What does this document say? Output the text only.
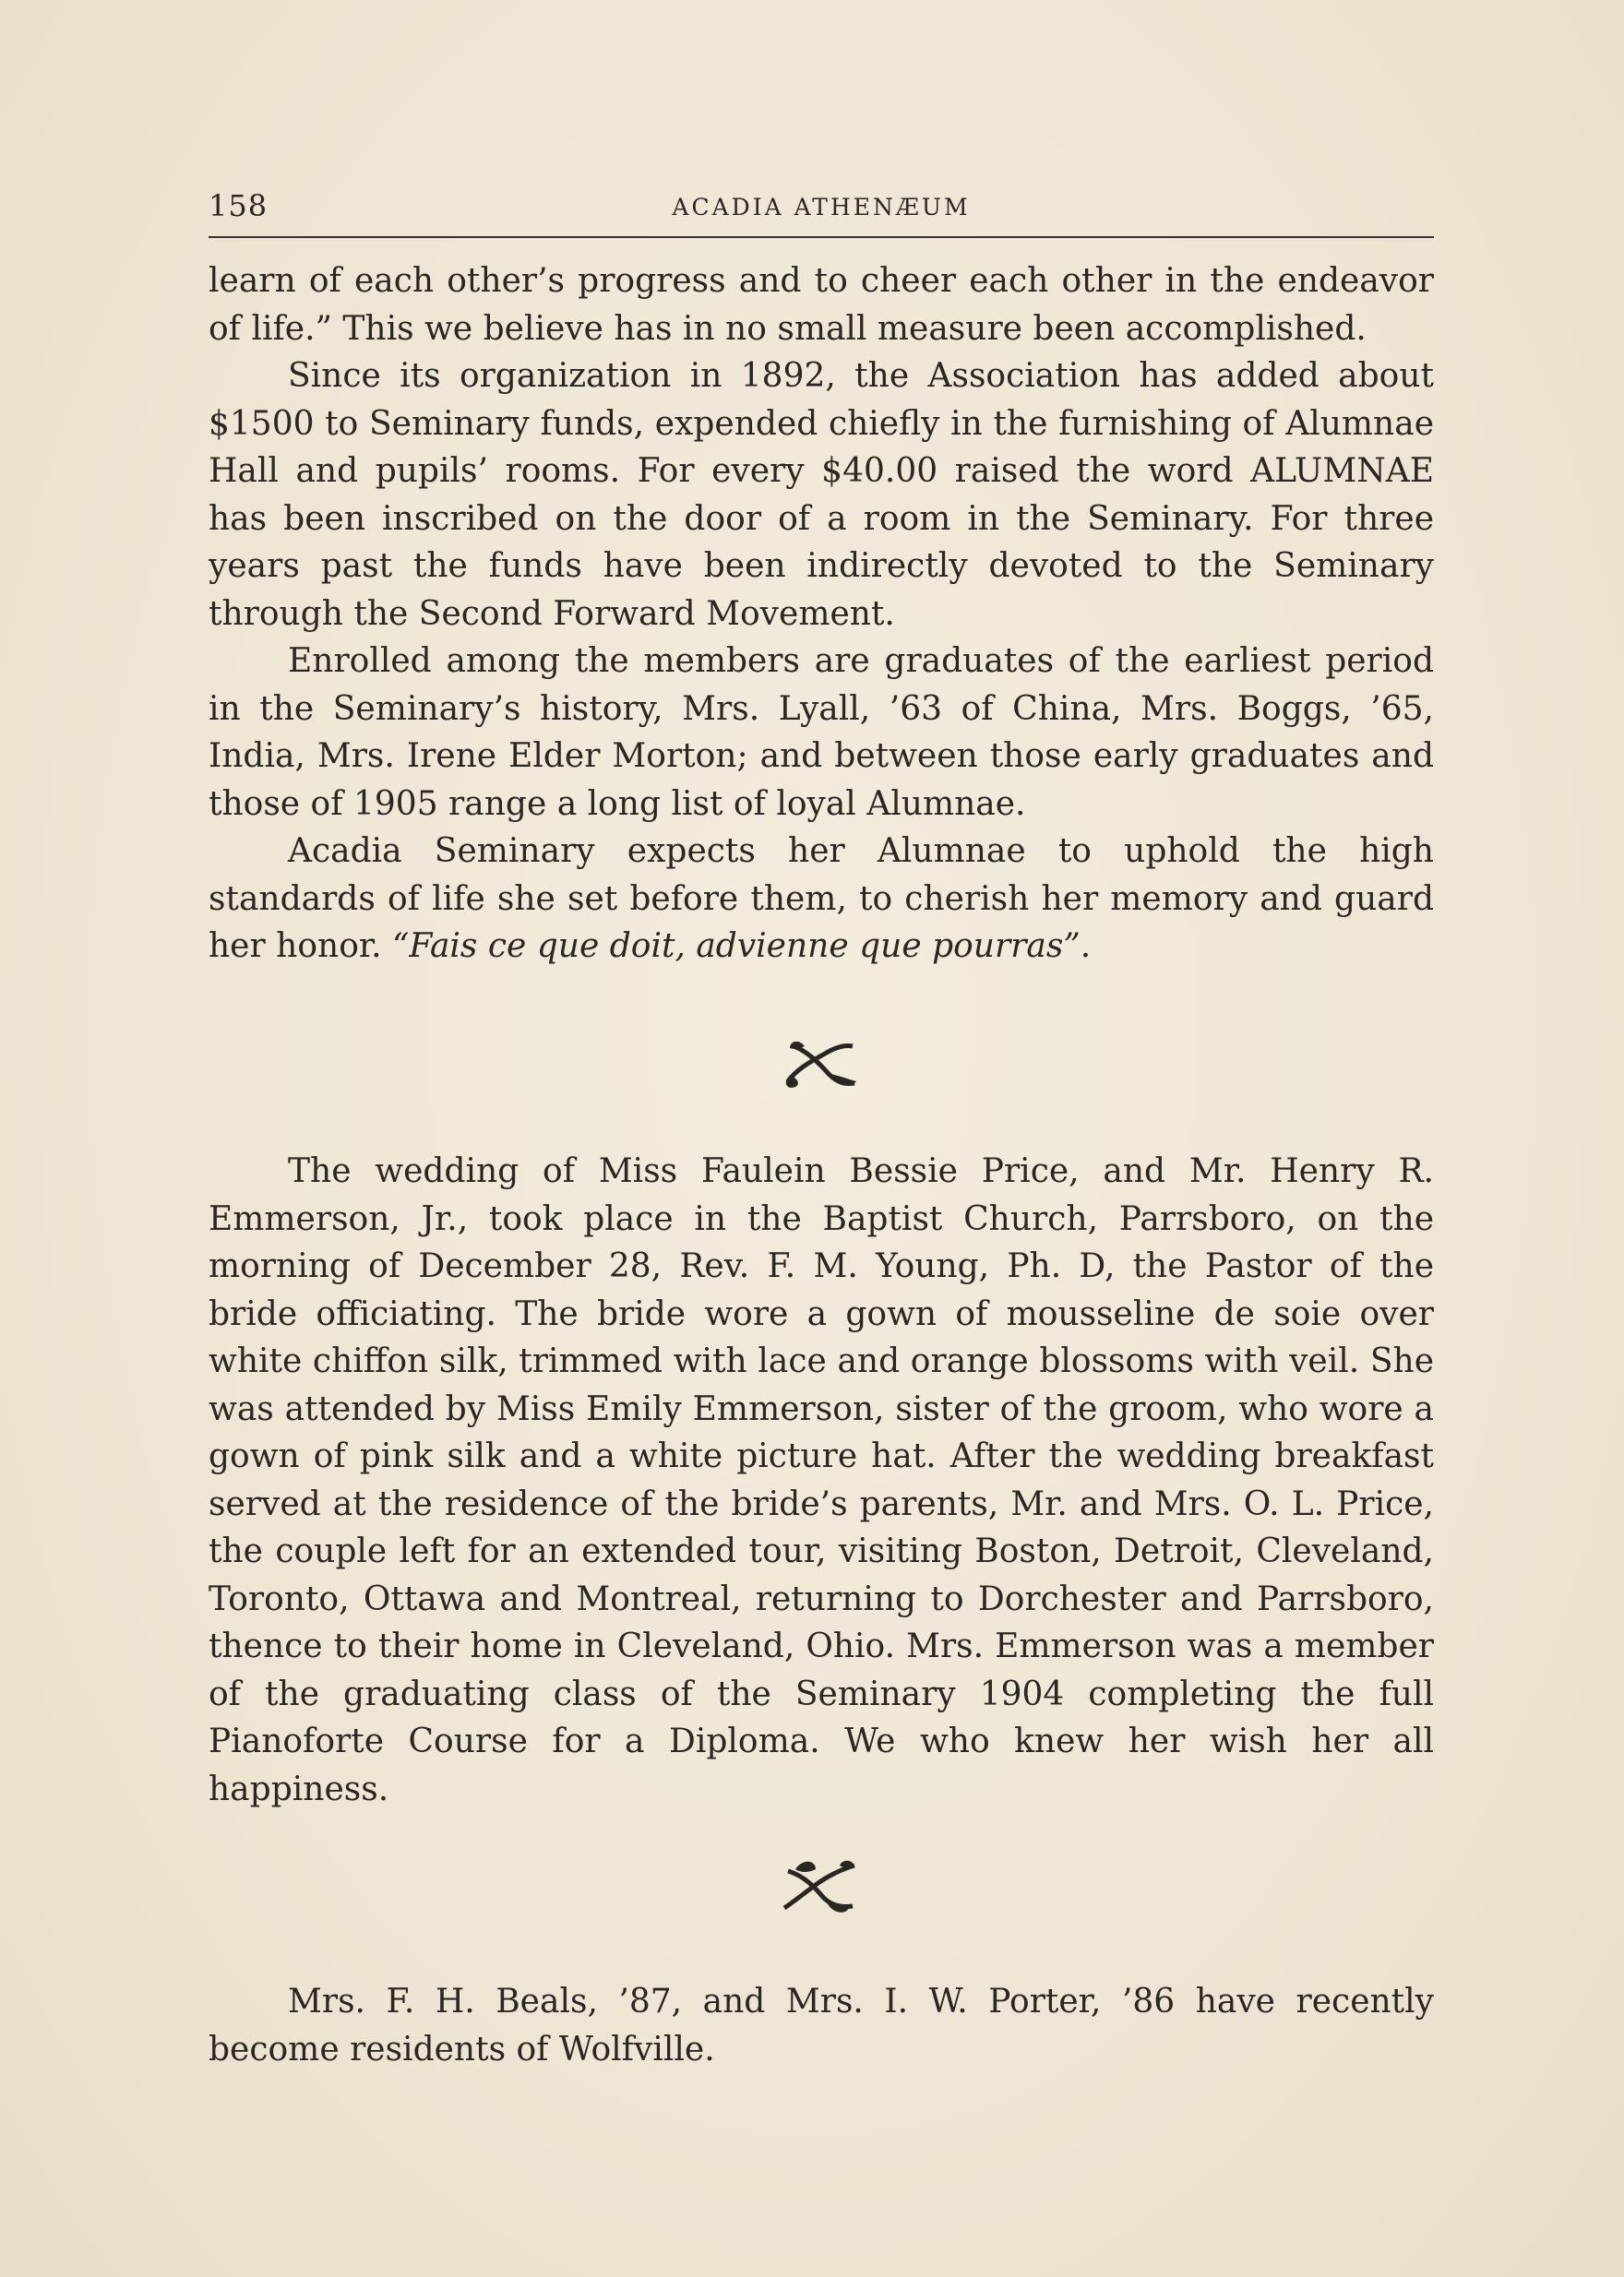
158	ACADIA ATHENÆUM

learn of each other’s progress and to cheer each other in the endeavor of life.” This we believe has in no small measure been accomplished.

Since its organization in 1892, the Association has added about $1500 to Seminary funds, expended chiefly in the furnishing of Alumnae Hall and pupils’ rooms. For every $40.00 raised the word ALUMNAE has been inscribed on the door of a room in the Seminary. For three years past the funds have been indirectly devoted to the Seminary through the Second Forward Movement.

Enrolled among the members are graduates of the earliest period in the Seminary’s history, Mrs. Lyall, ’63 of China, Mrs. Boggs, ’65, India, Mrs. Irene Elder Morton; and between those early graduates and those of 1905 range a long list of loyal Alumnae.

Acadia Seminary expects her Alumnae to uphold the high standards of life she set before them, to cherish her memory and guard her honor. “Fais ce que doit, advienne que pourras”.

The wedding of Miss Faulein Bessie Price, and Mr. Henry R. Emmerson, Jr., took place in the Baptist Church, Parrsboro, on the morning of December 28, Rev. F. M. Young, Ph. D, the Pastor of the bride officiating. The bride wore a gown of mousseline de soie over white chiffon silk, trimmed with lace and orange blossoms with veil. She was attended by Miss Emily Emmerson, sister of the groom, who wore a gown of pink silk and a white picture hat. After the wedding breakfast served at the residence of the bride’s parents, Mr. and Mrs. O. L. Price, the couple left for an extended tour, visiting Boston, Detroit, Cleveland, Toronto, Ottawa and Montreal, returning to Dorchester and Parrsboro, thence to their home in Cleveland, Ohio. Mrs. Emmerson was a member of the graduating class of the Seminary 1904 completing the full Pianoforte Course for a Diploma. We who knew her wish her all happiness.

Mrs. F. H. Beals, ’87, and Mrs. I. W. Porter, ’86 have recently become residents of Wolfville.
